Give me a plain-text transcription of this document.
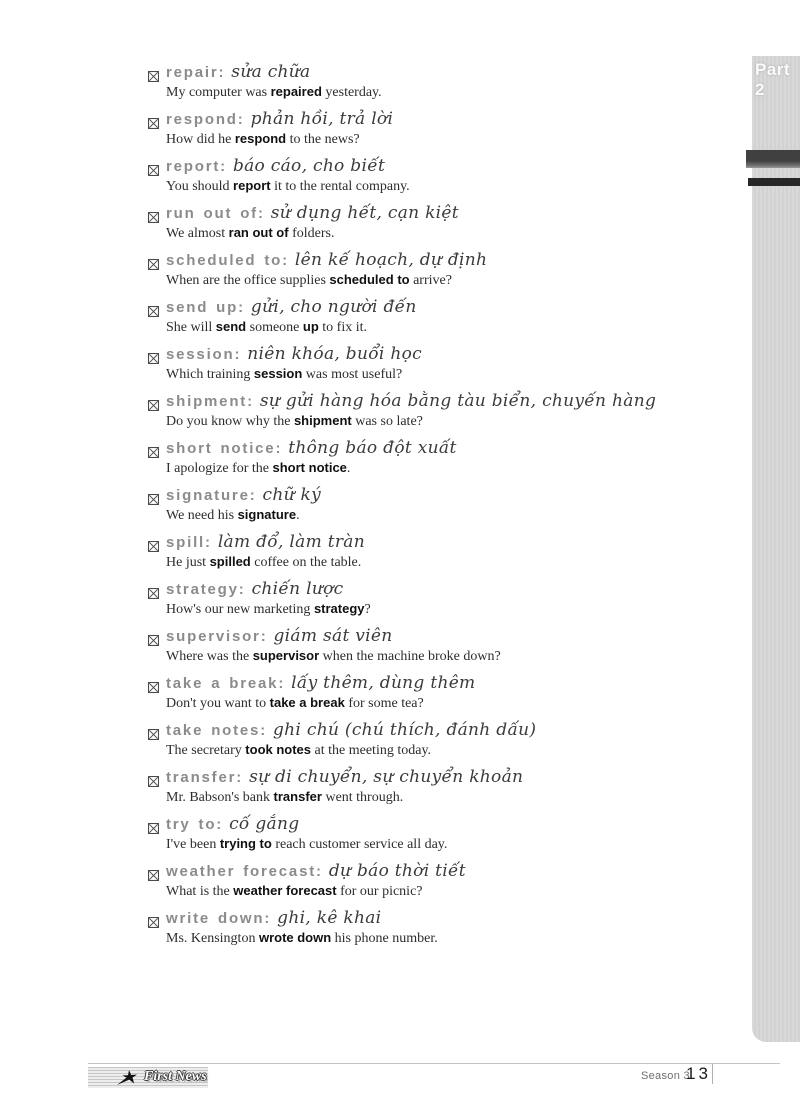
Part 2
repair: sửa chữa
My computer was repaired yesterday.
respond: phản hồi, trả lời
How did he respond to the news?
report: báo cáo, cho biết
You should report it to the rental company.
run out of: sử dụng hết, cạn kiệt
We almost ran out of folders.
scheduled to: lên kế hoạch, dự định
When are the office supplies scheduled to arrive?
send up: gửi, cho người đến
She will send someone up to fix it.
session: niên khóa, buổi học
Which training session was most useful?
shipment: sự gửi hàng hóa bằng tàu biển, chuyến hàng
Do you know why the shipment was so late?
short notice: thông báo đột xuất
I apologize for the short notice.
signature: chữ ký
We need his signature.
spill: làm đổ, làm tràn
He just spilled coffee on the table.
strategy: chiến lược
How's our new marketing strategy?
supervisor: giám sát viên
Where was the supervisor when the machine broke down?
take a break: lấy thêm, dùng thêm
Don't you want to take a break for some tea?
take notes: ghi chú (chú thích, đánh dấu)
The secretary took notes at the meeting today.
transfer: sự di chuyển, sự chuyển khoản
Mr. Babson's bank transfer went through.
try to: cố gắng
I've been trying to reach customer service all day.
weather forecast: dự báo thời tiết
What is the weather forecast for our picnic?
write down: ghi, kê khai
Ms. Kensington wrote down his phone number.
First News	Season 3
13
